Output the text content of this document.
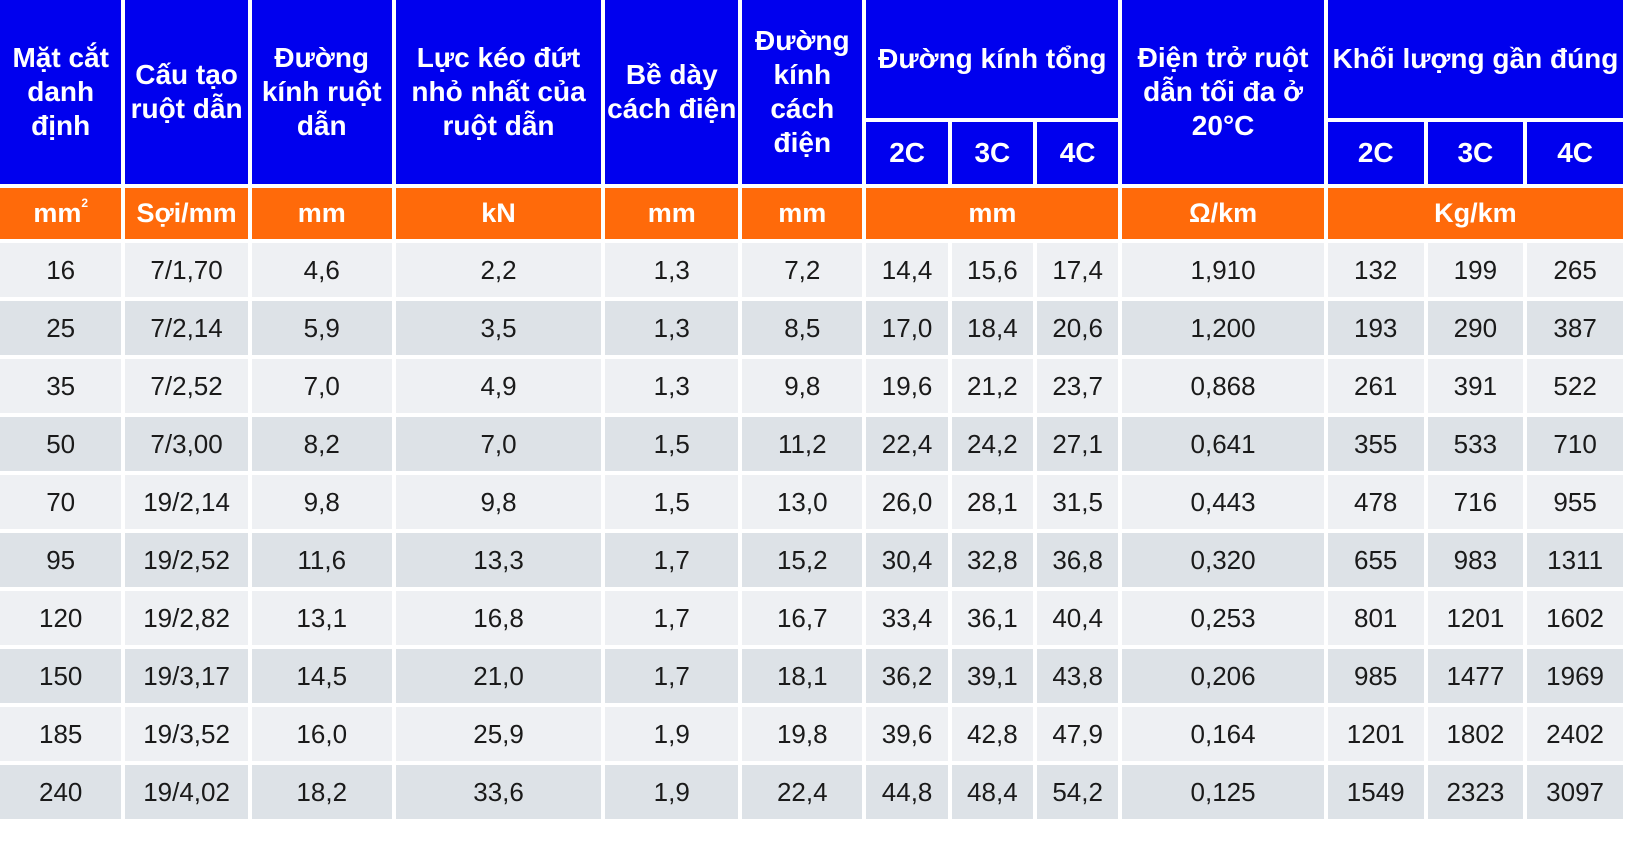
Mặt cắt danh định	Cấu tạo ruột dẫn	Đường kính ruột dẫn	Lực kéo đứt nhỏ nhất của ruột dẫn	Bề dày cách điện	Đường kính cách điện	Đường kính tổng			Điện trở ruột dẫn tối đa ở 20°C	Khối lượng gần đúng		
						2C	3C	4C		2C	3C	4C
$mm^2$	Sợi/mm	mm	kN	mm	mm	mm			Ω/km	Kg/km		
16	7/1,70	4,6	2,2	1,3	7,2	14,4	15,6	17,4	1,910	132	199	265
25	7/2,14	5,9	3,5	1,3	8,5	17,0	18,4	20,6	1,200	193	290	387
35	7/2,52	7,0	4,9	1,3	9,8	19,6	21,2	23,7	0,868	261	391	522
50	7/3,00	8,2	7,0	1,5	11,2	22,4	24,2	27,1	0,641	355	533	710
70	19/2,14	9,8	9,8	1,5	13,0	26,0	28,1	31,5	0,443	478	716	955
95	19/2,52	11,6	13,3	1,7	15,2	30,4	32,8	36,8	0,320	655	983	1311
120	19/2,82	13,1	16,8	1,7	16,7	33,4	36,1	40,4	0,253	801	1201	1602
150	19/3,17	14,5	21,0	1,7	18,1	36,2	39,1	43,8	0,206	985	1477	1969
185	19/3,52	16,0	25,9	1,9	19,8	39,6	42,8	47,9	0,164	1201	1802	2402
240	19/4,02	18,2	33,6	1,9	22,4	44,8	48,4	54,2	0,125	1549	2323	3097
